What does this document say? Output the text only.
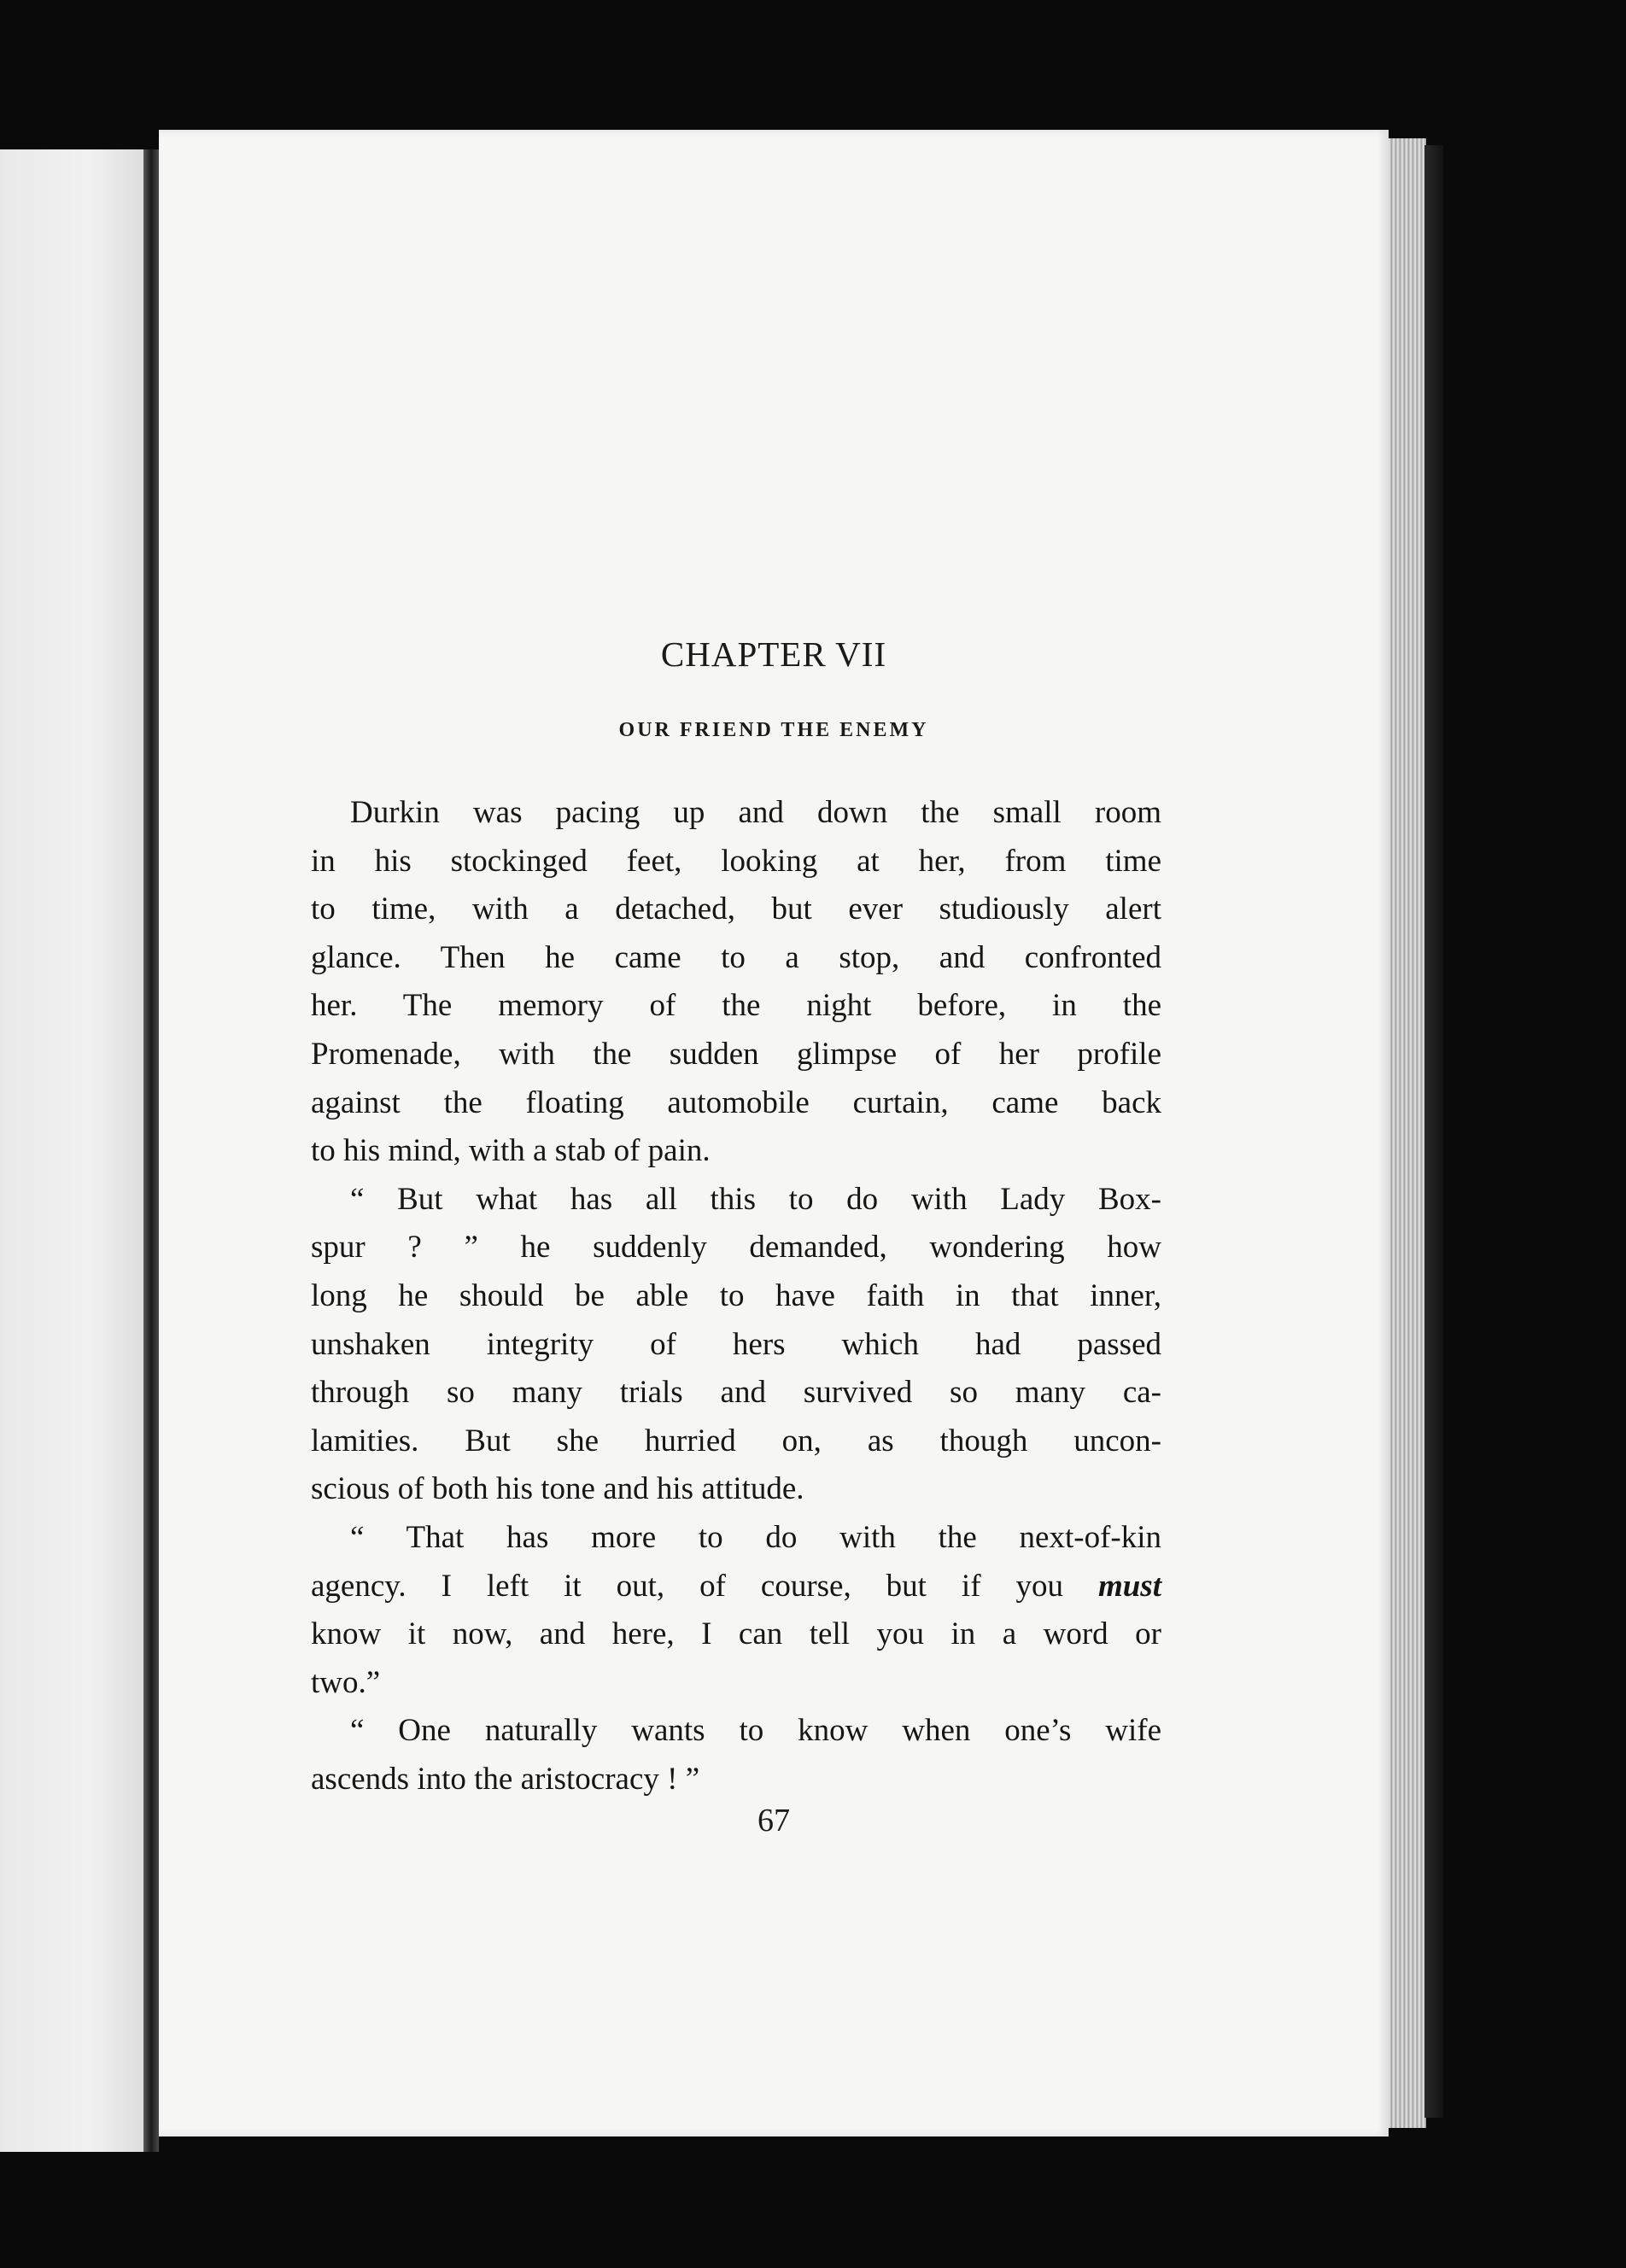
CHAPTER VII
OUR FRIEND THE ENEMY
Durkin was pacing up and down the small room
in his stockinged feet, looking at her, from time
to time, with a detached, but ever studiously alert
glance. Then he came to a stop, and confronted
her. The memory of the night before, in the
Promenade, with the sudden glimpse of her profile
against the floating automobile curtain, came back
to his mind, with a stab of pain.
“ But what has all this to do with Lady Box-
spur ? ” he suddenly demanded, wondering how
long he should be able to have faith in that inner,
unshaken integrity of hers which had passed
through so many trials and survived so many ca-
lamities. But she hurried on, as though uncon-
scious of both his tone and his attitude.
“ That has more to do with the next-of-kin
agency. I left it out, of course, but if you must
know it now, and here, I can tell you in a word or
two.”
“ One naturally wants to know when one’s wife
ascends into the aristocracy ! ”
67
